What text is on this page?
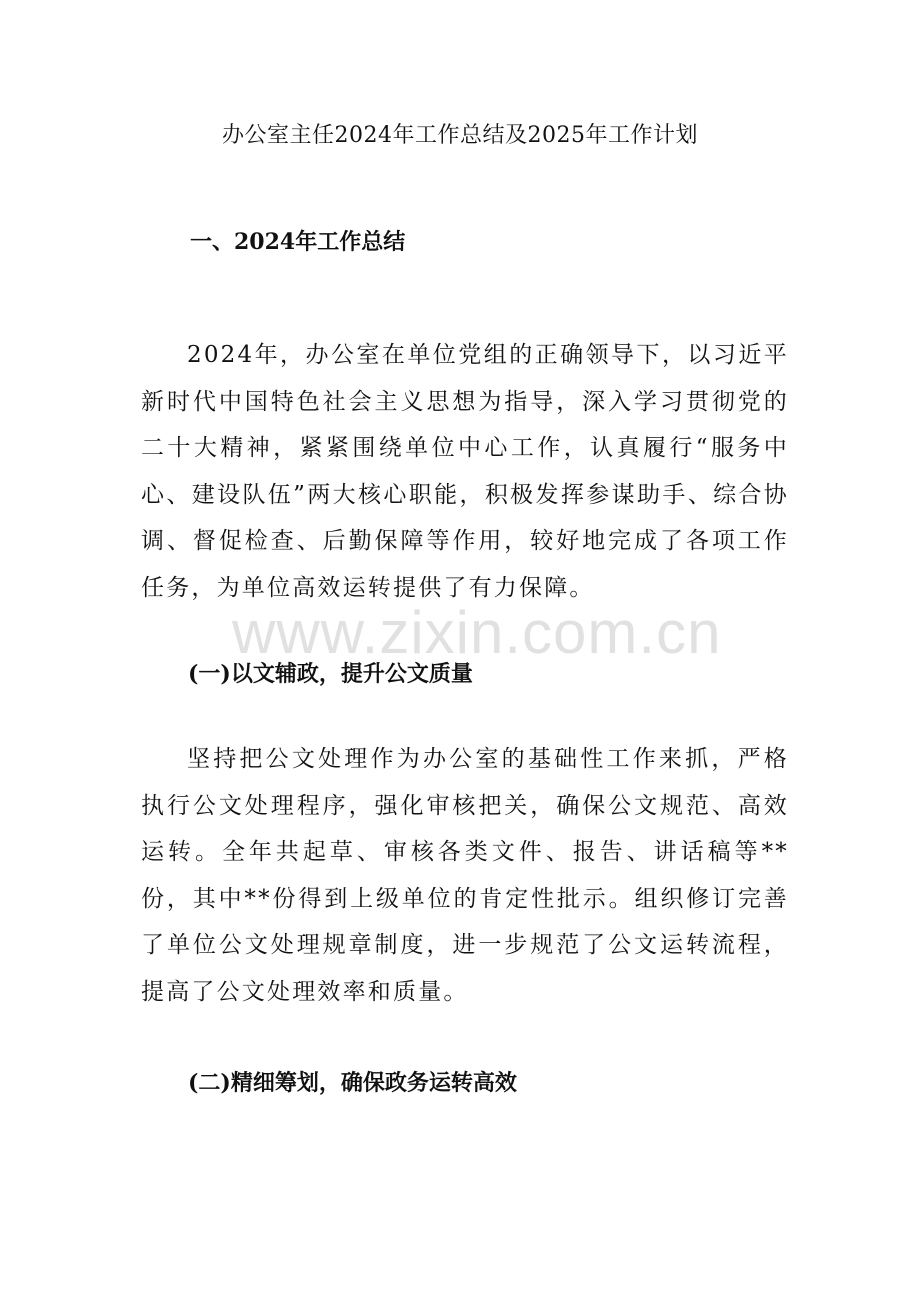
办公室主任2024年工作总结及2025年工作计划
一、2024年工作总结
2024年，办公室在单位党组的正确领导下，以习近平新时代中国特色社会主义思想为指导，深入学习贯彻党的二十大精神，紧紧围绕单位中心工作，认真履行“服务中心、建设队伍”两大核心职能，积极发挥参谋助手、综合协调、督促检查、后勤保障等作用，较好地完成了各项工作任务，为单位高效运转提供了有力保障。
(一)以文辅政，提升公文质量
坚持把公文处理作为办公室的基础性工作来抓，严格执行公文处理程序，强化审核把关，确保公文规范、高效运转。全年共起草、审核各类文件、报告、讲话稿等**份，其中**份得到上级单位的肯定性批示。组织修订完善了单位公文处理规章制度，进一步规范了公文运转流程，提高了公文处理效率和质量。
(二)精细筹划，确保政务运转高效
www.zixin.com.cn
